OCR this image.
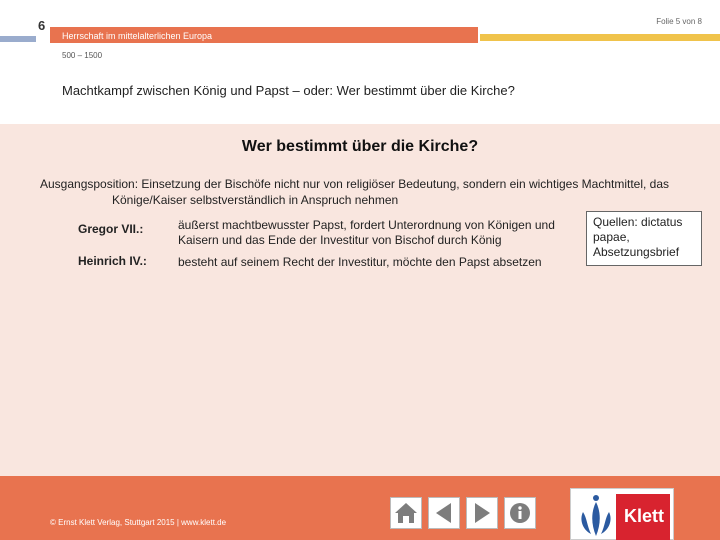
6
Herrschaft im mittelalterlichen Europa
Folie 5 von 8
500 – 1500
Machtkampf zwischen König und Papst – oder: Wer bestimmt über die Kirche?
Wer bestimmt über die Kirche?
Ausgangsposition: Einsetzung der Bischöfe nicht nur von religiöser Bedeutung, sondern ein wichtiges Machtmittel, das Könige/Kaiser selbstverständlich in Anspruch nehmen
Gregor VII.:	äußerst machtbewusster Papst, fordert Unterordnung von Königen und Kaisern und das Ende der Investitur von Bischof durch König
Heinrich IV.:	besteht auf seinem Recht der Investitur, möchte den Papst absetzen
Quellen: dictatus papae, Absetzungsbrief
© Ernst Klett Verlag, Stuttgart 2015 | www.klett.de	Klett
